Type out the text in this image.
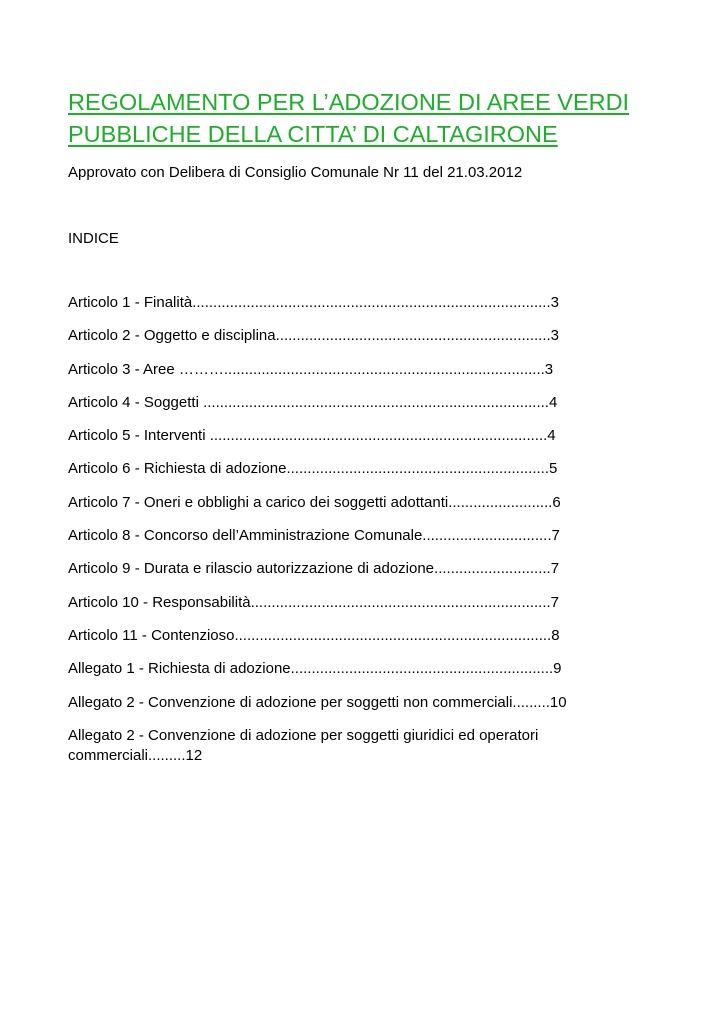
REGOLAMENTO PER L’ADOZIONE DI AREE VERDI
PUBBLICHE DELLA CITTA’ DI CALTAGIRONE
Approvato con Delibera di Consiglio Comunale Nr 11 del 21.03.2012
INDICE
Articolo 1 - Finalità......................................................................................3
Articolo 2 - Oggetto e disciplina..................................................................3
Articolo 3 - Aree ……….............................................................................3
Articolo 4 - Soggetti ...................................................................................4
Articolo 5 - Interventi .................................................................................4
Articolo 6 - Richiesta di adozione...............................................................5
Articolo 7 - Oneri e obblighi a carico dei soggetti adottanti.........................6
Articolo 8 - Concorso dell’Amministrazione Comunale...............................7
Articolo 9 - Durata e rilascio autorizzazione di adozione............................7
Articolo 10 - Responsabilità........................................................................7
Articolo 11 - Contenzioso............................................................................8
Allegato 1 - Richiesta di adozione...............................................................9
Allegato 2 - Convenzione di adozione per soggetti non commerciali.........10
Allegato 2 - Convenzione di adozione per soggetti giuridici ed operatori commerciali.........12
